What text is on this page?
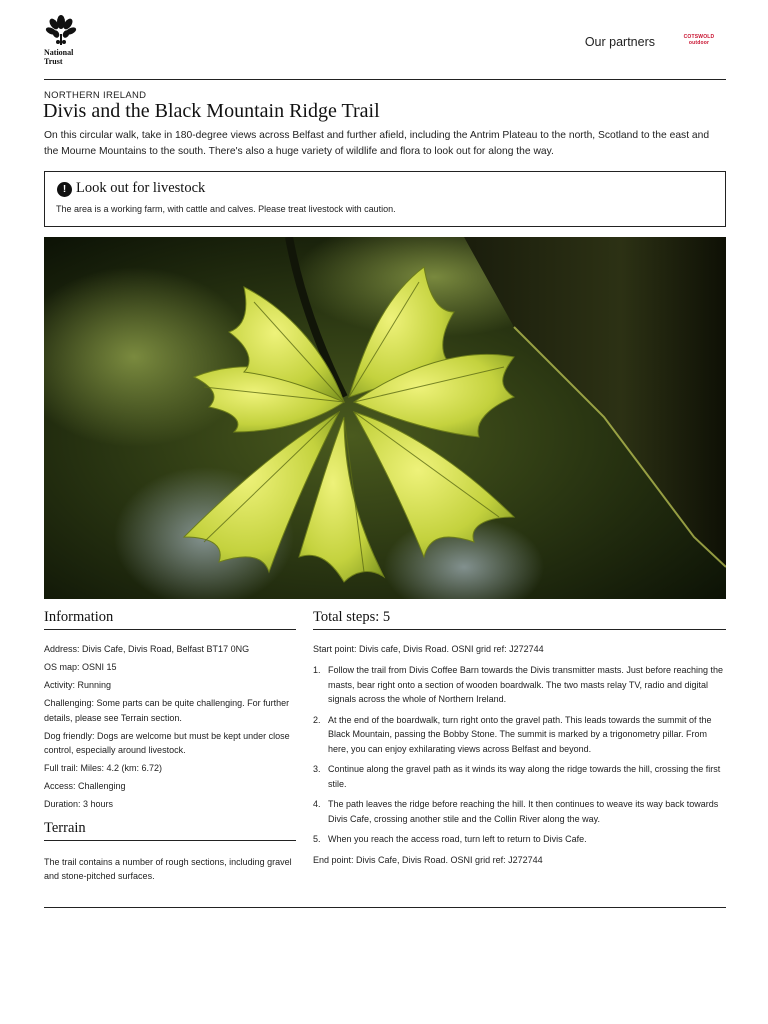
National
Trust
Our partners	COTSWOLD
outdoor
NORTHERN IRELAND
Divis and the Black Mountain Ridge Trail
On this circular walk, take in 180-degree views across Belfast and further afield, including the Antrim Plateau to the north, Scotland to the east and the Mourne Mountains to the south. There's also a huge variety of wildlife and flora to look out for along the way.
! Look out for livestock
The area is a working farm, with cattle and calves. Please treat livestock with caution.
Information
Address: Divis Cafe, Divis Road, Belfast BT17 0NG
OS map: OSNI 15
Activity: Running
Challenging: Some parts can be quite challenging. For further details, please see Terrain section.
Dog friendly: Dogs are welcome but must be kept under close control, especially around livestock.
Full trail: Miles: 4.2 (km: 6.72)
Access: Challenging
Duration: 3 hours
Terrain
The trail contains a number of rough sections, including gravel and stone-pitched surfaces.
Total steps: 5
Start point: Divis cafe, Divis Road. OSNI grid ref: J272744
1. Follow the trail from Divis Coffee Barn towards the Divis transmitter masts. Just before reaching the masts, bear right onto a section of wooden boardwalk. The two masts relay TV, radio and digital signals across the whole of Northern Ireland.
2. At the end of the boardwalk, turn right onto the gravel path. This leads towards the summit of the Black Mountain, passing the Bobby Stone. The summit is marked by a trigonometry pillar. From here, you can enjoy exhilarating views across Belfast and beyond.
3. Continue along the gravel path as it winds its way along the ridge towards the hill, crossing the first stile.
4. The path leaves the ridge before reaching the hill. It then continues to weave its way back towards Divis Cafe, crossing another stile and the Collin River along the way.
5. When you reach the access road, turn left to return to Divis Cafe.
End point: Divis Cafe, Divis Road. OSNI grid ref: J272744
